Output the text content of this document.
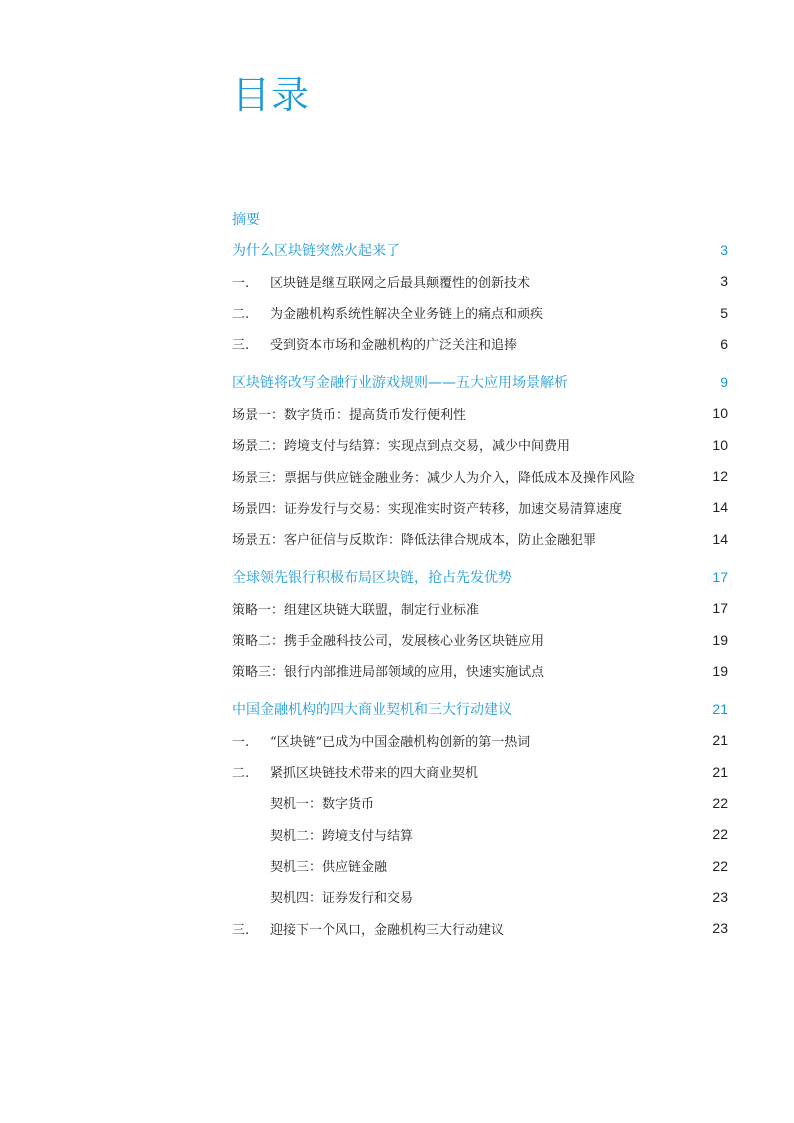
目录
摘要
为什么区块链突然火起来了	3
一. 区块链是继互联网之后最具颠覆性的创新技术	3
二. 为金融机构系统性解决全业务链上的痛点和顽疾	5
三. 受到资本市场和金融机构的广泛关注和追捧	6
区块链将改写金融行业游戏规则——五大应用场景解析	9
场景一：数字货币：提高货币发行便利性	10
场景二：跨境支付与结算：实现点到点交易，减少中间费用	10
场景三：票据与供应链金融业务：减少人为介入，降低成本及操作风险	12
场景四：证券发行与交易：实现准实时资产转移，加速交易清算速度	14
场景五：客户征信与反欺诈：降低法律合规成本，防止金融犯罪	14
全球领先银行积极布局区块链，抢占先发优势	17
策略一：组建区块链大联盟，制定行业标准	17
策略二：携手金融科技公司，发展核心业务区块链应用	19
策略三：银行内部推进局部领域的应用，快速实施试点	19
中国金融机构的四大商业契机和三大行动建议	21
一. “区块链”已成为中国金融机构创新的第一热词	21
二. 紧抓区块链技术带来的四大商业契机	21
契机一：数字货币	22
契机二：跨境支付与结算	22
契机三：供应链金融	22
契机四：证券发行和交易	23
三. 迎接下一个风口，金融机构三大行动建议	23
